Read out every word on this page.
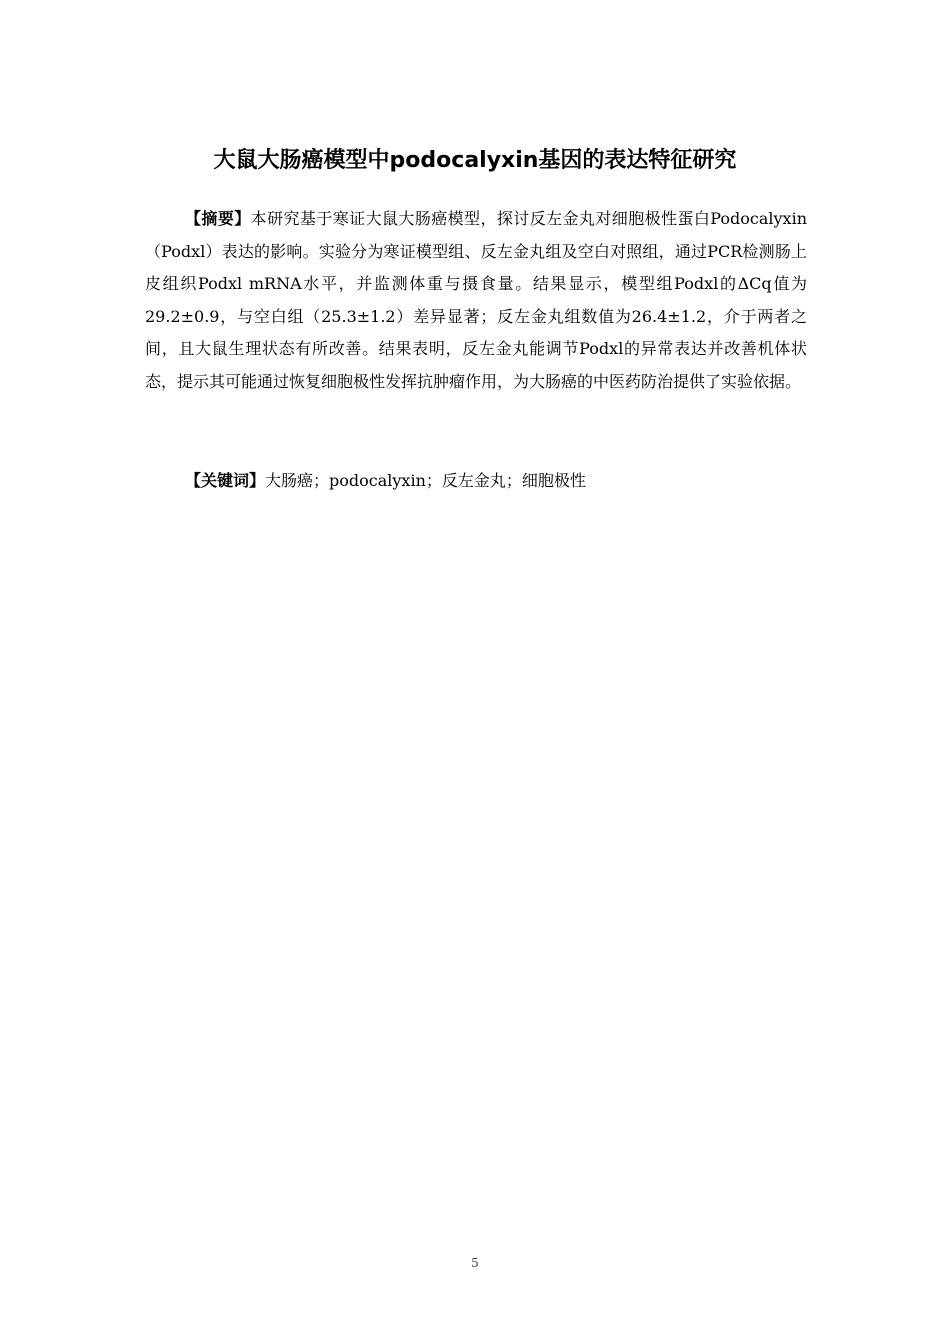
大鼠大肠癌模型中podocalyxin基因的表达特征研究

【摘要】本研究基于寒证大鼠大肠癌模型，探讨反左金丸对细胞极性蛋白Podocalyxin（Podxl）表达的影响。实验分为寒证模型组、反左金丸组及空白对照组，通过PCR检测肠上皮组织Podxl mRNA水平，并监测体重与摄食量。结果显示，模型组Podxl的ΔCq值为29.2±0.9，与空白组（25.3±1.2）差异显著；反左金丸组数值为26.4±1.2，介于两者之间，且大鼠生理状态有所改善。结果表明，反左金丸能调节Podxl的异常表达并改善机体状态，提示其可能通过恢复细胞极性发挥抗肿瘤作用，为大肠癌的中医药防治提供了实验依据。

【关键词】大肠癌；podocalyxin；反左金丸；细胞极性

5
